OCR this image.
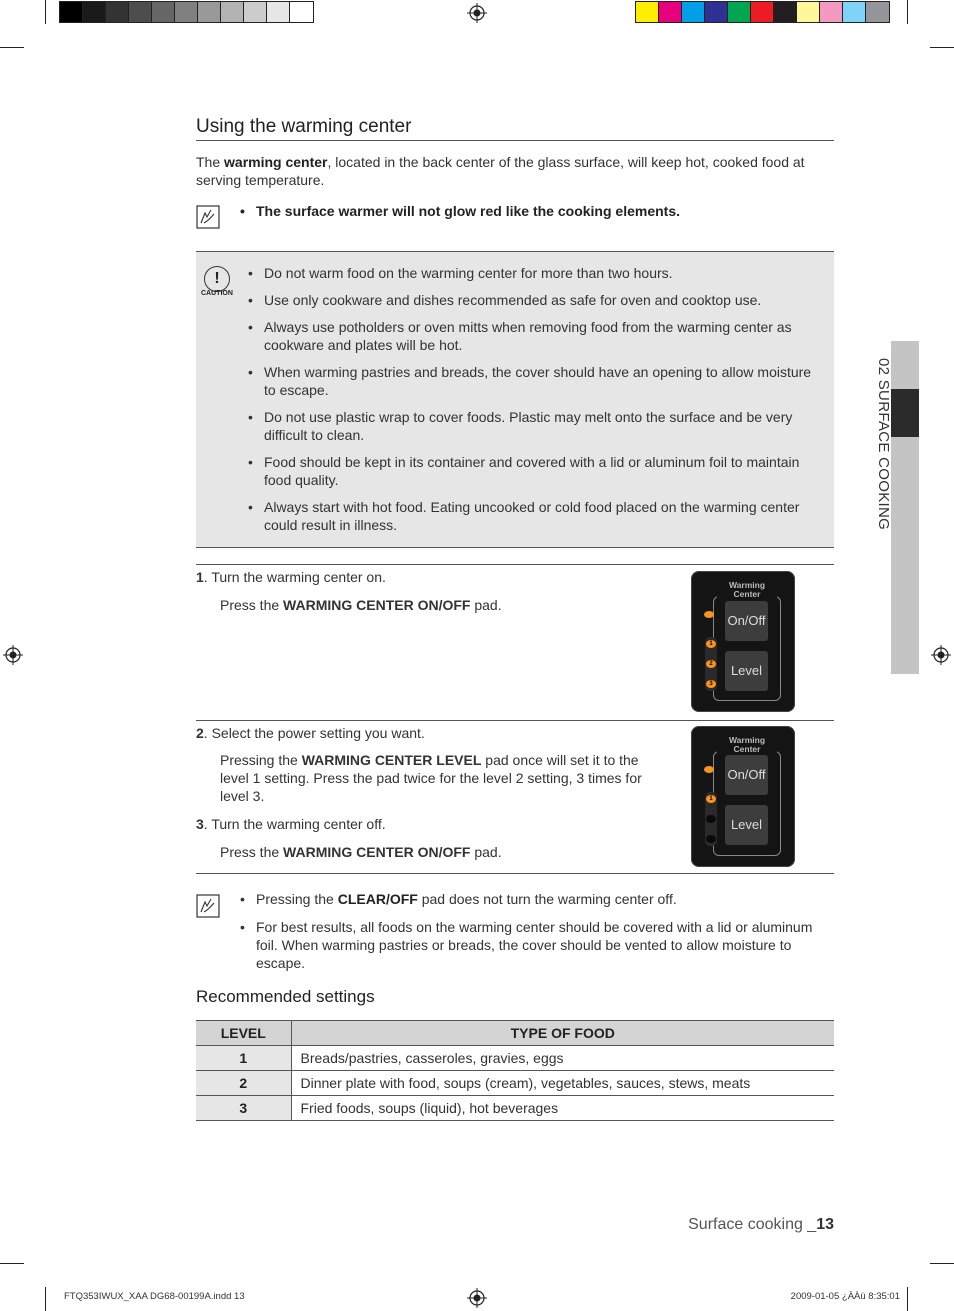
02 SURFACE COOKING
Using the warming center

The warming center, located in the back center of the glass surface, will keep hot, cooked food at serving temperature.

• The surface warmer will not glow red like the cooking elements.
!
CAUTION
• Do not warm food on the warming center for more than two hours.
• Use only cookware and dishes recommended as safe for oven and cooktop use.
• Always use potholders or oven mitts when removing food from the warming center as cookware and plates will be hot.
• When warming pastries and breads, the cover should have an opening to allow moisture to escape.
• Do not use plastic wrap to cover foods. Plastic may melt onto the surface and be very difficult to clean.
• Food should be kept in its container and covered with a lid or aluminum foil to maintain food quality.
• Always start with hot food. Eating uncooked or cold food placed on the warming center could result in illness.
1. Turn the warming center on.
Press the WARMING CENTER ON/OFF pad.
2. Select the power setting you want.
Pressing the WARMING CENTER LEVEL pad once will set it to the level 1 setting. Press the pad twice for the level 2 setting, 3 times for level 3.
3. Turn the warming center off.
Press the WARMING CENTER ON/OFF pad.
Warming
Center
On/Off
1
2
3
Level
Warming
Center
On/Off
1
Level
• Pressing the CLEAR/OFF pad does not turn the warming center off.
• For best results, all foods on the warming center should be covered with a lid or aluminum foil. When warming pastries or breads, the cover should be vented to allow moisture to escape.
Recommended settings
LEVEL	TYPE OF FOOD
1	Breads/pastries, casseroles, gravies, eggs
2	Dinner plate with food, soups (cream), vegetables, sauces, stews, meats
3	Fried foods, soups (liquid), hot beverages
Surface cooking _13
FTQ353IWUX_XAA DG68-00199A.indd 13	2009-01-05 ¿ÀÀü 8:35:01
